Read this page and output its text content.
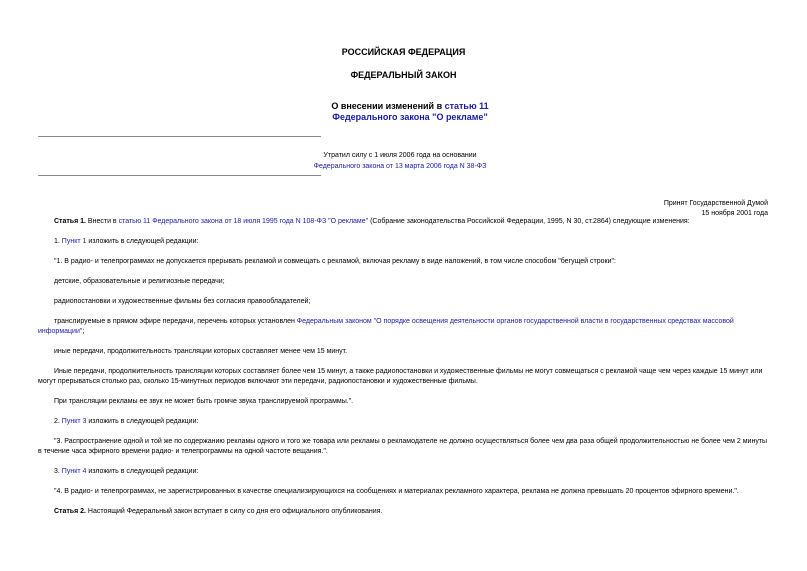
РОССИЙСКАЯ ФЕДЕРАЦИЯ
ФЕДЕРАЛЬНЫЙ ЗАКОН
О внесении изменений в статью 11
Федерального закона "О рекламе"
Утратил силу с 1 июля 2006 года на основании
Федерального закона от 13 марта 2006 года N 38-ФЗ
Принят Государственной Думой
15 ноября 2001 года

Статья 1. Внести в статью 11 Федерального закона от 18 июля 1995 года N 108-ФЗ "О рекламе" (Собрание законодательства Российской Федерации, 1995, N 30, ст.2864) следующие изменения:

1. Пункт 1 изложить в следующей редакции:

"1. В радио- и телепрограммах не допускается прерывать рекламой и совмещать с рекламой, включая рекламу в виде наложений, в том числе способом "бегущей строки":

детские, образовательные и религиозные передачи;

радиопостановки и художественные фильмы без согласия правообладателей;

транслируемые в прямом эфире передачи, перечень которых установлен Федеральным законом "О порядке освещения деятельности органов государственной власти в государственных средствах массовой информации";

иные передачи, продолжительность трансляции которых составляет менее чем 15 минут.

Иные передачи, продолжительность трансляции которых составляет более чем 15 минут, а также радиопостановки и художественные фильмы не могут совмещаться с рекламой чаще чем через каждые 15 минут или могут прерываться столько раз, сколько 15-минутных периодов включают эти передачи, радиопостановки и художественные фильмы.

При трансляции рекламы ее звук не может быть громче звука транслируемой программы.".

2. Пункт 3 изложить в следующей редакции:

"3. Распространение одной и той же по содержанию рекламы одного и того же товара или рекламы о рекламодателе не должно осуществляться более чем два раза общей продолжительностью не более чем 2 минуты в течение часа эфирного времени радио- и телепрограммы на одной частоте вещания.".

3. Пункт 4 изложить в следующей редакции:

"4. В радио- и телепрограммах, не зарегистрированных в качестве специализирующихся на сообщениях и материалах рекламного характера, реклама не должна превышать 20 процентов эфирного времени.".

Статья 2. Настоящий Федеральный закон вступает в силу со дня его официального опубликования.
